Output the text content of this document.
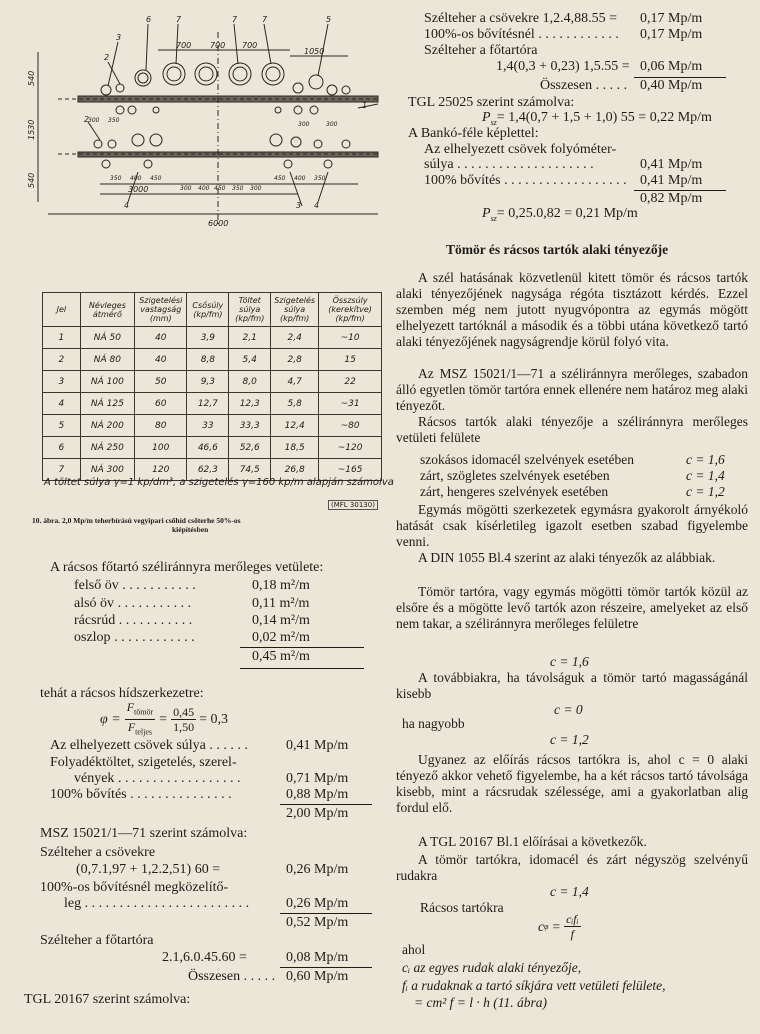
6	7	7	7	5
3
2
1
2
4	4
3
700 700 700
1050
3000
6000
540
1530
540
300 350
300	300
350 400 450
300 400 450 350 300
450 400 350
Jel	Névleges átmérő	Szigetelési vastagság (mm)	Csősúly (kp/fm)	Töltet súlya (kp/fm)	Szigetelés súlya (kp/fm)	Összsúly (kerekítve) (kp/fm)
1	NÁ 50	40	3,9	2,1	2,4	~10
2	NÁ 80	40	8,8	5,4	2,8	15
3	NÁ 100	50	9,3	8,0	4,7	22
4	NÁ 125	60	12,7	12,3	5,8	~31
5	NÁ 200	80	33	33,3	12,4	~80
6	NÁ 250	100	46,6	52,6	18,5	~120
7	NÁ 300	120	62,3	74,5	26,8	~165
A töltet súlya γ=1 kp/dm³, a szigetelés γ=160 kp/m alapján számolva
(MFL 30130)
10. ábra. 2,0 Mp/m teherbírású vegyipari csőhíd csőterhe 50%-os
kiépítésben
A rácsos főtartó széliránnyra merőleges vetülete:
felső öv . . . . . . . . . . .	0,18 m²/m
alsó öv . . . . . . . . . . .	0,11 m²/m
rácsrúd . . . . . . . . . . .	0,14 m²/m
oszlop . . . . . . . . . . . .	0,02 m²/m
0,45 m²/m
tehát a rácsos hídszerkezetre:
$\varphi = \frac{F_{tömör}}{F_{teljes}} = \frac{0,45}{1,50} = 0,3$
Az elhelyezett csövek súlya . . . . . .	0,41 Mp/m
Folyadéktöltet, szigetelés, szerel-
vények . . . . . . . . . . . . . . . . . .	0,71 Mp/m
100% bővítés . . . . . . . . . . . . . . .	0,88 Mp/m
2,00 Mp/m
MSZ 15021/1—71 szerint számolva:
Szélteher a csövekre
(0,7.1,97 + 1,2.2,51) 60 =	0,26 Mp/m
100%-os bővítésnél megközelítő-
leg . . . . . . . . . . . . . . . . . . . . . . . .	0,26 Mp/m
0,52 Mp/m
Szélteher a főtartóra
2.1,6.0.45.60 =	0,08 Mp/m
Összesen . . . . . 0,60 Mp/m
TGL 20167 szerint számolva:
Szélteher a csövekre 1,2.4,88.55 = 0,17 Mp/m
100%-os bővítésnél . . . . . . . . . . . . 0,17 Mp/m
Szélteher a főtartóra
1,4(0,3 + 0,23) 1,5.55 = 0,06 Mp/m
Összesen . . . . . 0,40 Mp/m
TGL 25025 szerint számolva:
$P_{sz}= 1,4(0,7 + 1,5 + 1,0) 55 = 0,22$ Mp/m
A Bankó-féle képlettel:
Az elhelyezett csövek folyóméter-
súlya . . . . . . . . . . . . . . . . . . . .	0,41 Mp/m
100% bővítés . . . . . . . . . . . . . . . . . . 0,41 Mp/m
0,82 Mp/m
$P_{sz}= 0,25.0,82 = 0,21$ Mp/m
Tömör és rácsos tartók alaki tényezője
A szél hatásának közvetlenül kitett tömör és rácsos tartók alaki tényezőjének nagysága régóta tisztázott kérdés. Ezzel szemben még nem jutott nyugvópontra az egymás mögött elhelyezett tartóknál a második és a többi utána következő tartó alaki tényezőjének nagyságrendje körül folyó vita.
Az MSZ 15021/1—71 a széliránnyra merőleges, szabadon álló egyetlen tömör tartóra ennek ellenére nem határoz meg alaki tényezőt.
Rácsos tartók alaki tényezője a széliránnyra merőleges vetületi felülete
szokásos idomacél szelvények esetében	c = 1,6
zárt, szögletes szelvények esetében	c = 1,4
zárt, hengeres szelvények esetében	c = 1,2
Egymás mögötti szerkezetek egymásra gyakorolt árnyékoló hatását csak kísérletileg igazolt esetben szabad figyelembe venni.
A DIN 1055 Bl.4 szerint az alaki tényezők az alábbiak.
Tömör tartóra, vagy egymás mögötti tömör tartók közül az elsőre és a mögötte levő tartók azon részeire, amelyeket az első nem takar, a széliránnyra merőleges felületre
c = 1,6
A továbbiakra, ha távolságuk a tömör tartó magasságánál kisebb
c = 0
ha nagyobb
c = 1,2
Ugyanez az előírás rácsos tartókra is, ahol c = 0 alaki tényező akkor vehető figyelembe, ha a két rácsos tartó távolsága kisebb, mint a rácsrudak szélessége, ami a gyakorlatban alig fordul elő.
A TGL 20167 Bl.1 előírásai a következők.
A tömör tartókra, idomacél és zárt négyszög szelvényű rudakra
c = 1,4
Rácsos tartókra
c $\varphi = \frac{\text{cᵢfᵢ}}{f}$
ahol
cᵢ az egyes rudak alaki tényezője,
fᵢ a rudaknak a tartó síkjára vett vetületi felülete,
= cm² f = l · h (11. ábra)
